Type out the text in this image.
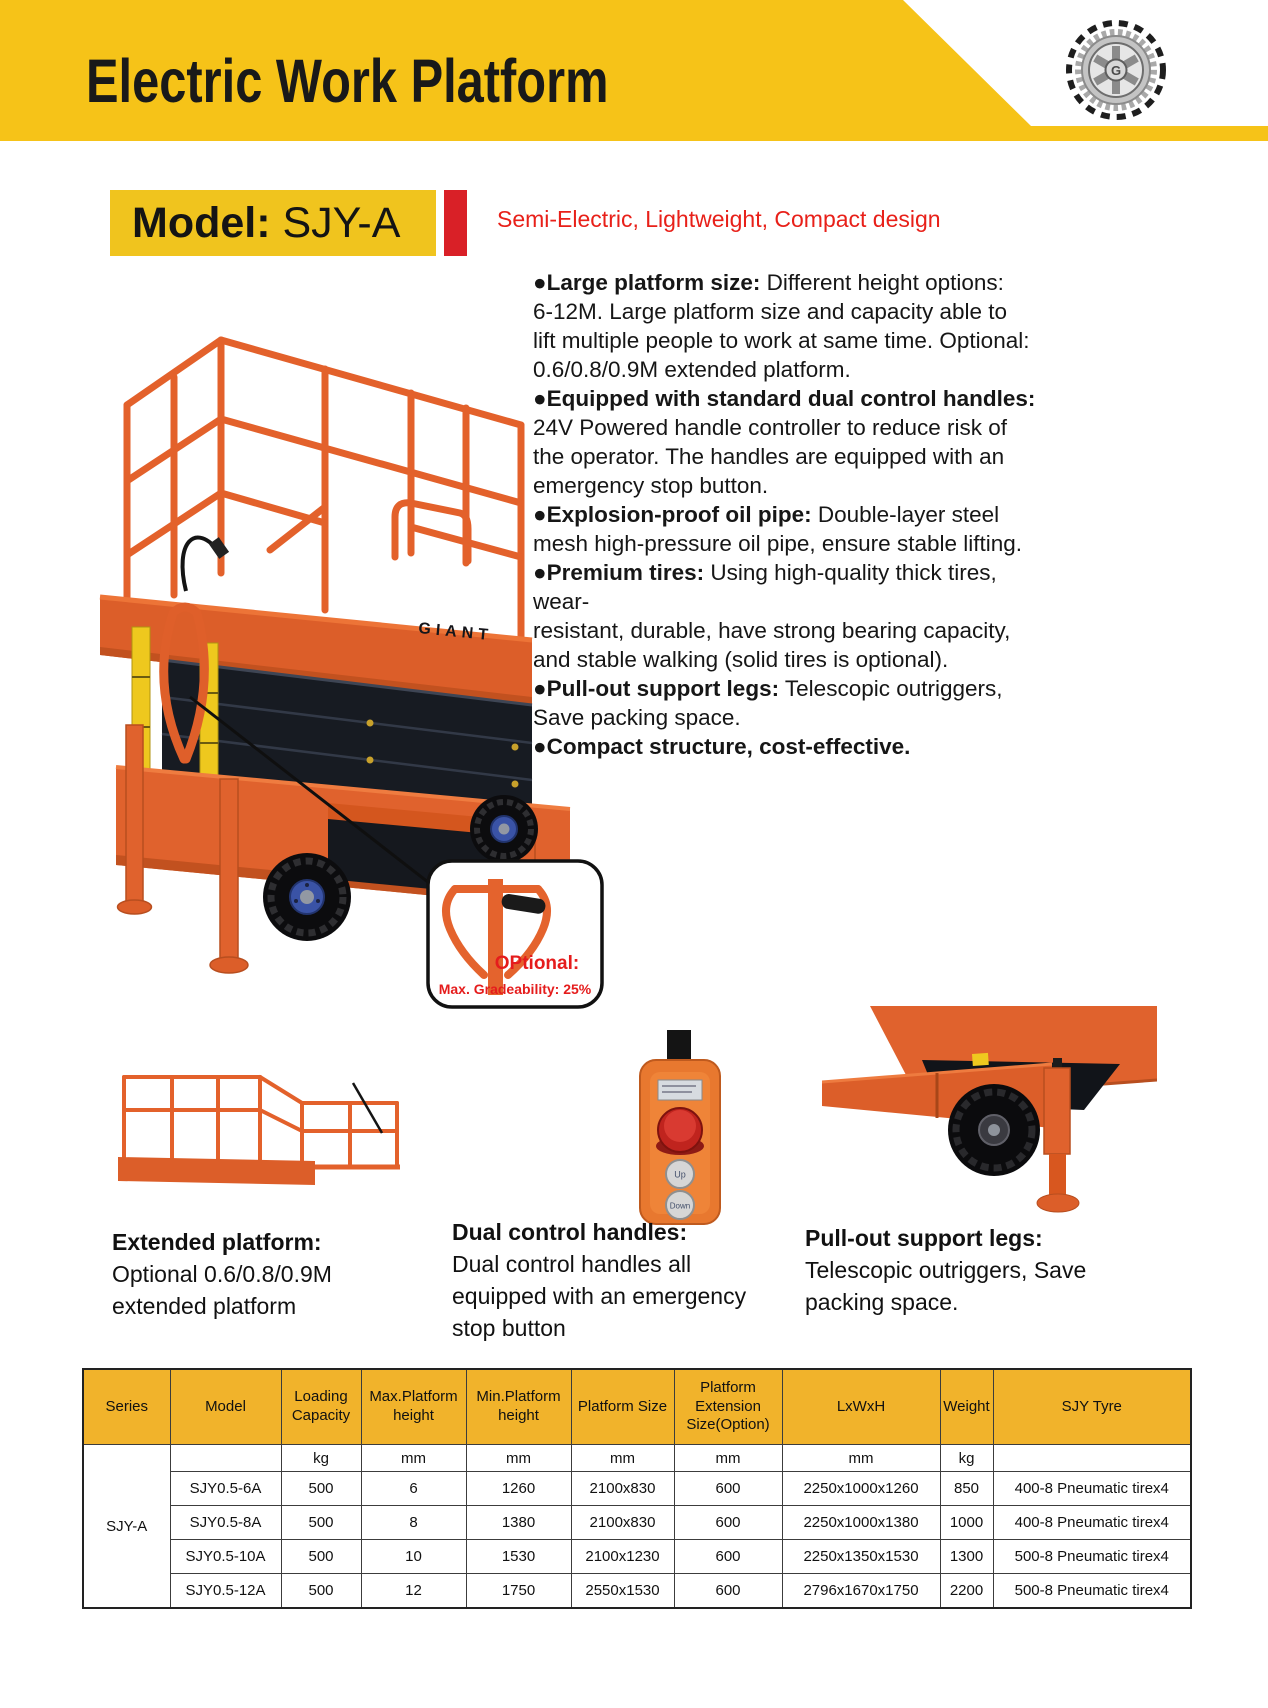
Electric Work Platform	G
Model: SJY-A	Semi-Electric, Lightweight, Compact design
●Large platform size: Different height options:
6-12M. Large platform size and capacity able to
lift multiple people to work at same time. Optional:
0.6/0.8/0.9M extended platform.
●Equipped with standard dual control handles:
24V Powered handle controller to reduce risk of
the operator. The handles are equipped with an
emergency stop button.
●Explosion-proof oil pipe: Double-layer steel
mesh high-pressure oil pipe, ensure stable lifting.
●Premium tires: Using high-quality thick tires,
wear-
resistant, durable, have strong bearing capacity,
and stable walking (solid tires is optional).
●Pull-out support legs: Telescopic outriggers,
Save packing space.
●Compact structure, cost-effective.
GIANT
OPtional:
Max. Gradeability: 25%
Up
Down
Extended platform:
Optional 0.6/0.8/0.9M
extended platform
Dual control handles:
Dual control handles all
equipped with an emergency
stop button
Pull-out support legs:
Telescopic outriggers, Save
packing space.
Series	Model	Loading Capacity	Max.Platform height	Min.Platform height	Platform Size	Platform Extension Size(Option)	LxWxH	Weight	SJY Tyre
SJY-A		kg	mm	mm	mm	mm	mm	kg	
	SJY0.5-6A	500	6	1260	2100x830	600	2250x1000x1260	850	400-8 Pneumatic tirex4
	SJY0.5-8A	500	8	1380	2100x830	600	2250x1000x1380	1000	400-8 Pneumatic tirex4
	SJY0.5-10A	500	10	1530	2100x1230	600	2250x1350x1530	1300	500-8 Pneumatic tirex4
	SJY0.5-12A	500	12	1750	2550x1530	600	2796x1670x1750	2200	500-8 Pneumatic tirex4
